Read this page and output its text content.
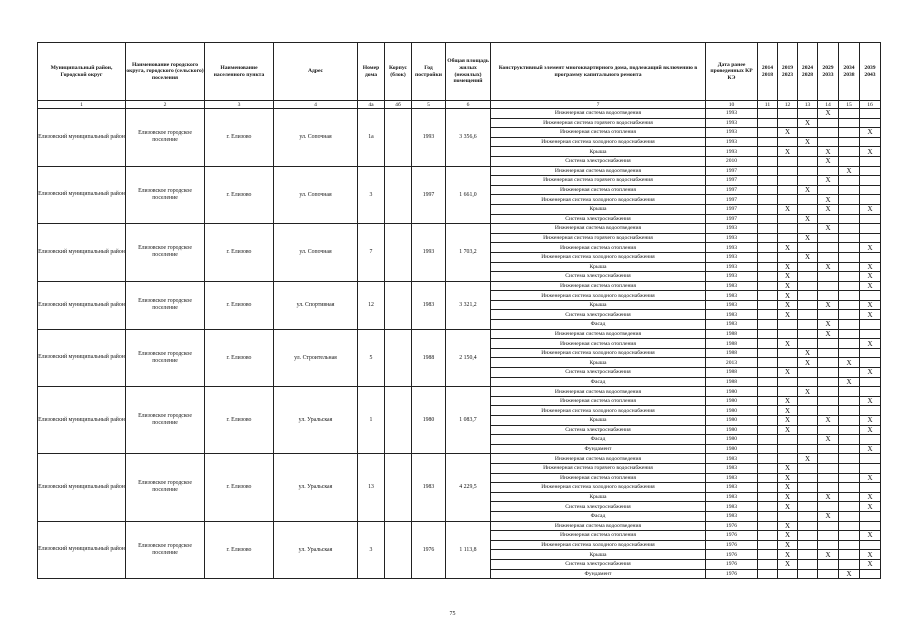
Муниципальный район, Городской округ	Наименование городского округа, городского (сельского) поселения	Наименование населенного пункта	Адрес	Номер дома	Корпус (блок)	Год постройки	Общая площадь жилых (нежилых) помещений	Конструктивный элемент многоквартирного дома, подлежащий включению в программу капитального ремонта	Дата ранее проведенных КР КЭ	2014 2018	2019 2023	2024 2028	2029 2033	2034 2038	2039 2043
1	2	3	4	4а	4б	5	6	7	10	11	12	13	14	15	16
Елизовский муниципальный район	Елизовское городское поселение	г. Елизово	ул. Сопочная	1а		1993	3 356,6	Инженерная система водоотведения	1993				X		
								Инженерная система горячего водоснабжения	1993			X			
								Инженерная система отопления	1993		X				X
								Инженерная система холодного водоснабжения	1993			X			
								Крыша	1993		X		X		X
								Система электроснабжения	2010				X		
Елизовский муниципальный район	Елизовское городское поселение	г. Елизово	ул. Сопочная	3		1997	1 661,0	Инженерная система водоотведения	1997					X	
								Инженерная система горячего водоснабжения	1997				X		
								Инженерная система отопления	1997			X			
								Инженерная система холодного водоснабжения	1997				X		
								Крыша	1997		X		X		X
								Система электроснабжения	1997			X			
Елизовский муниципальный район	Елизовское городское поселение	г. Елизово	ул. Сопочная	7		1993	1 703,2	Инженерная система водоотведения	1993				X		
								Инженерная система горячего водоснабжения	1993			X			
								Инженерная система отопления	1993		X				X
								Инженерная система холодного водоснабжения	1993			X			
								Крыша	1993		X		X		X
								Система электроснабжения	1993		X				X
Елизовский муниципальный район	Елизовское городское поселение	г. Елизово	ул. Спортивная	12		1983	3 321,2	Инженерная система отопления	1983		X				X
								Инженерная система холодного водоснабжения	1983		X				
								Крыша	1983		X		X		X
								Система электроснабжения	1983		X				X
								Фасад	1983				X		
Елизовский муниципальный район	Елизовское городское поселение	г. Елизово	ул. Строительная	5		1988	2 150,4	Инженерная система водоотведения	1988				X		
								Инженерная система отопления	1988		X				X
								Инженерная система холодного водоснабжения	1988			X			
								Крыша	2013			X		X	
								Система электроснабжения	1988		X				X
								Фасад	1988					X	
Елизовский муниципальный район	Елизовское городское поселение	г. Елизово	ул. Уральская	1		1980	1 083,7	Инженерная система водоотведения	1980			X			
								Инженерная система отопления	1980		X				X
								Инженерная система холодного водоснабжения	1980		X				
								Крыша	1980		X		X		X
								Система электроснабжения	1980		X				X
								Фасад	1980				X		
								Фундамент	1980						X
Елизовский муниципальный район	Елизовское городское поселение	г. Елизово	ул. Уральская	13		1983	4 229,5	Инженерная система водоотведения	1983			X			
								Инженерная система горячего водоснабжения	1983		X				
								Инженерная система отопления	1983		X				X
								Инженерная система холодного водоснабжения	1983		X				
								Крыша	1983		X		X		X
								Система электроснабжения	1983		X				X
								Фасад	1983				X		
Елизовский муниципальный район	Елизовское городское поселение	г. Елизово	ул. Уральская	3		1976	1 113,8	Инженерная система водоотведения	1976		X				
								Инженерная система отопления	1976		X				X
								Инженерная система холодного водоснабжения	1976		X				
								Крыша	1976		X		X		X
								Система электроснабжения	1976		X				X
								Фундамент	1976					X	
75
